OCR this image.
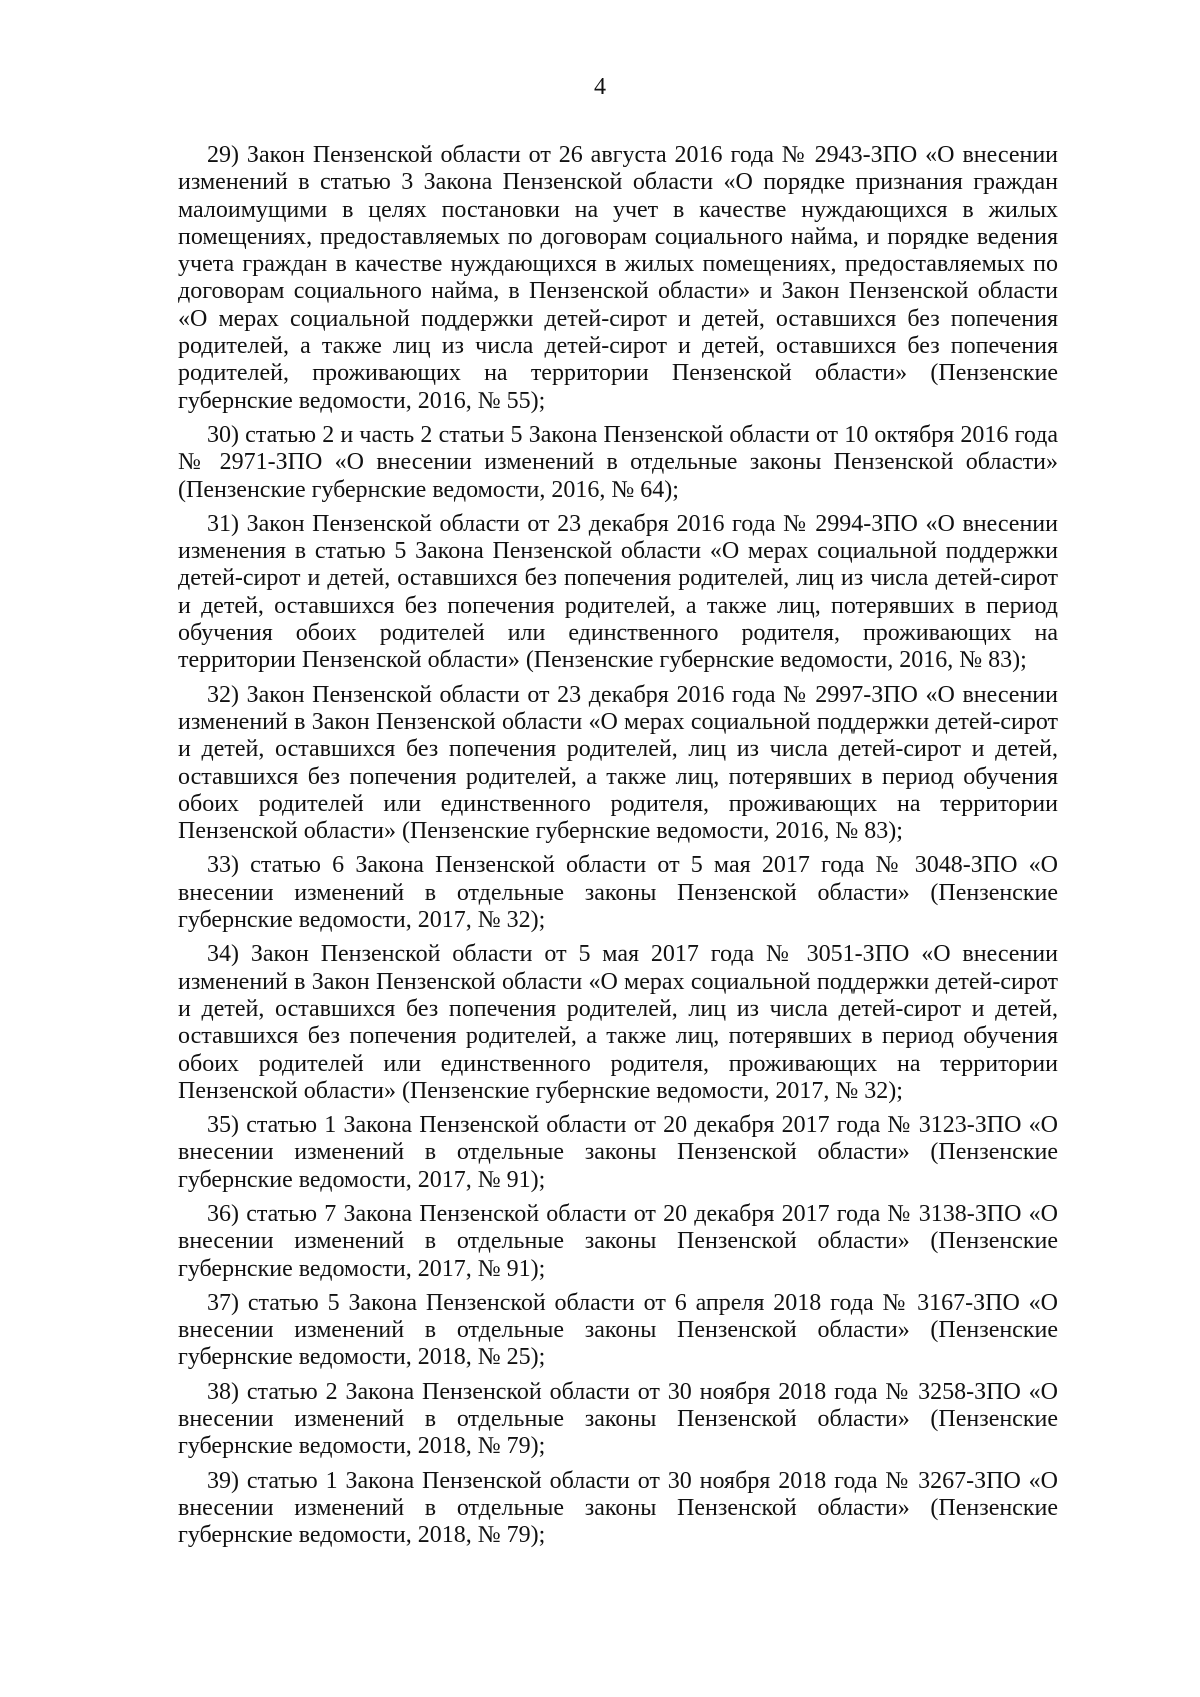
4

29) Закон Пензенской области от 26 августа 2016 года № 2943-ЗПО «О внесении изменений в статью 3 Закона Пензенской области «О порядке признания граждан малоимущими в целях постановки на учет в качестве нуждающихся в жилых помещениях, предоставляемых по договорам социального найма, и порядке ведения учета граждан в качестве нуждающихся в жилых помещениях, предоставляемых по договорам социального найма, в Пензенской области» и Закон Пензенской области «О мерах социальной поддержки детей-сирот и детей, оставшихся без попечения родителей, а также лиц из числа детей-сирот и детей, оставшихся без попечения родителей, проживающих на территории Пензенской области» (Пензенские губернские ведомости, 2016, № 55);

30) статью 2 и часть 2 статьи 5 Закона Пензенской области от 10 октября 2016 года № 2971-ЗПО «О внесении изменений в отдельные законы Пензенской области» (Пензенские губернские ведомости, 2016, № 64);

31) Закон Пензенской области от 23 декабря 2016 года № 2994-ЗПО «О внесении изменения в статью 5 Закона Пензенской области «О мерах социальной поддержки детей-сирот и детей, оставшихся без попечения родителей, лиц из числа детей-сирот и детей, оставшихся без попечения родителей, а также лиц, потерявших в период обучения обоих родителей или единственного родителя, проживающих на территории Пензенской области» (Пензенские губернские ведомости, 2016, № 83);

32) Закон Пензенской области от 23 декабря 2016 года № 2997-ЗПО «О внесении изменений в Закон Пензенской области «О мерах социальной поддержки детей-сирот и детей, оставшихся без попечения родителей, лиц из числа детей-сирот и детей, оставшихся без попечения родителей, а также лиц, потерявших в период обучения обоих родителей или единственного родителя, проживающих на территории Пензенской области» (Пензенские губернские ведомости, 2016, № 83);

33) статью 6 Закона Пензенской области от 5 мая 2017 года № 3048-ЗПО «О внесении изменений в отдельные законы Пензенской области» (Пензенские губернские ведомости, 2017, № 32);

34) Закон Пензенской области от 5 мая 2017 года № 3051-ЗПО «О внесении изменений в Закон Пензенской области «О мерах социальной поддержки детей-сирот и детей, оставшихся без попечения родителей, лиц из числа детей-сирот и детей, оставшихся без попечения родителей, а также лиц, потерявших в период обучения обоих родителей или единственного родителя, проживающих на территории Пензенской области» (Пензенские губернские ведомости, 2017, № 32);

35) статью 1 Закона Пензенской области от 20 декабря 2017 года № 3123-ЗПО «О внесении изменений в отдельные законы Пензенской области» (Пензенские губернские ведомости, 2017, № 91);

36) статью 7 Закона Пензенской области от 20 декабря 2017 года № 3138-ЗПО «О внесении изменений в отдельные законы Пензенской области» (Пензенские губернские ведомости, 2017, № 91);

37) статью 5 Закона Пензенской области от 6 апреля 2018 года № 3167-ЗПО «О внесении изменений в отдельные законы Пензенской области» (Пензенские губернские ведомости, 2018, № 25);

38) статью 2 Закона Пензенской области от 30 ноября 2018 года № 3258-ЗПО «О внесении изменений в отдельные законы Пензенской области» (Пензенские губернские ведомости, 2018, № 79);

39) статью 1 Закона Пензенской области от 30 ноября 2018 года № 3267-ЗПО «О внесении изменений в отдельные законы Пензенской области» (Пензенские губернские ведомости, 2018, № 79);
